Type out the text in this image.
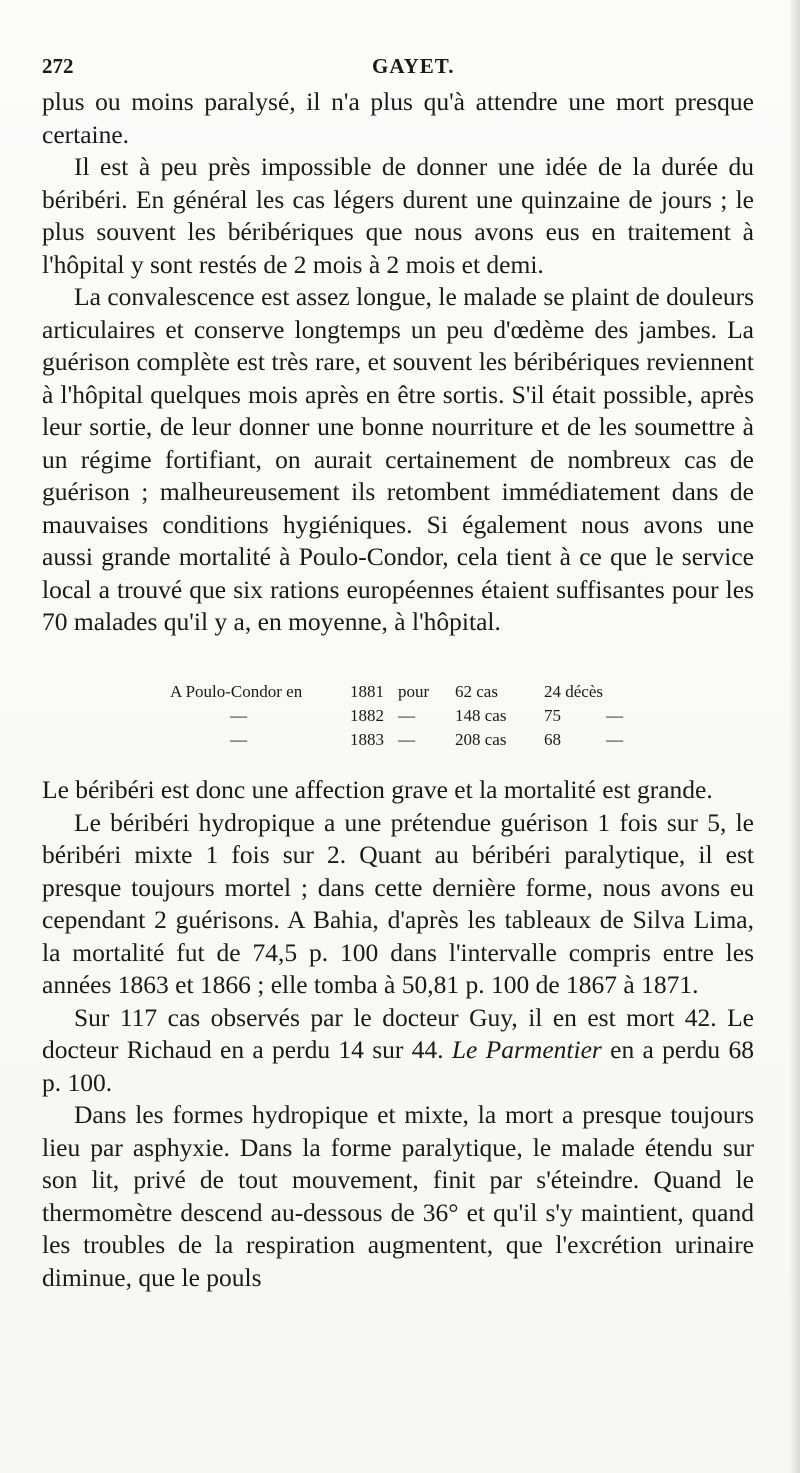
272	GAYET.

plus ou moins paralysé, il n'a plus qu'à attendre une mort presque certaine.

Il est à peu près impossible de donner une idée de la durée du béribéri. En général les cas légers durent une quinzaine de jours ; le plus souvent les béribériques que nous avons eus en traitement à l'hôpital y sont restés de 2 mois à 2 mois et demi.

La convalescence est assez longue, le malade se plaint de douleurs articulaires et conserve longtemps un peu d'œdème des jambes. La guérison complète est très rare, et souvent les béribériques reviennent à l'hôpital quelques mois après en être sortis. S'il était possible, après leur sortie, de leur donner une bonne nourriture et de les soumettre à un régime fortifiant, on aurait certainement de nombreux cas de guérison ; malheureusement ils retombent immédiatement dans de mauvaises conditions hygiéniques. Si également nous avons une aussi grande mortalité à Poulo-Condor, cela tient à ce que le service local a trouvé que six rations européennes étaient suffisantes pour les 70 malades qu'il y a, en moyenne, à l'hôpital.

A Poulo-Condor en	1881 pour 62 cas	24 décès
—	1882 — 148 cas 75	—
—	1883 — 208 cas 68	—

Le béribéri est donc une affection grave et la mortalité est grande.

Le béribéri hydropique a une prétendue guérison 1 fois sur 5, le béribéri mixte 1 fois sur 2. Quant au béribéri paralytique, il est presque toujours mortel ; dans cette dernière forme, nous avons eu cependant 2 guérisons. A Bahia, d'après les tableaux de Silva Lima, la mortalité fut de 74,5 p. 100 dans l'intervalle compris entre les années 1863 et 1866 ; elle tomba à 50,81 p. 100 de 1867 à 1871.

Sur 117 cas observés par le docteur Guy, il en est mort 42. Le docteur Richaud en a perdu 14 sur 44. Le Parmentier en a perdu 68 p. 100.

Dans les formes hydropique et mixte, la mort a presque toujours lieu par asphyxie. Dans la forme paralytique, le malade étendu sur son lit, privé de tout mouvement, finit par s'éteindre. Quand le thermomètre descend au-dessous de 36° et qu'il s'y maintient, quand les troubles de la respiration augmentent, que l'excrétion urinaire diminue, que le pouls
